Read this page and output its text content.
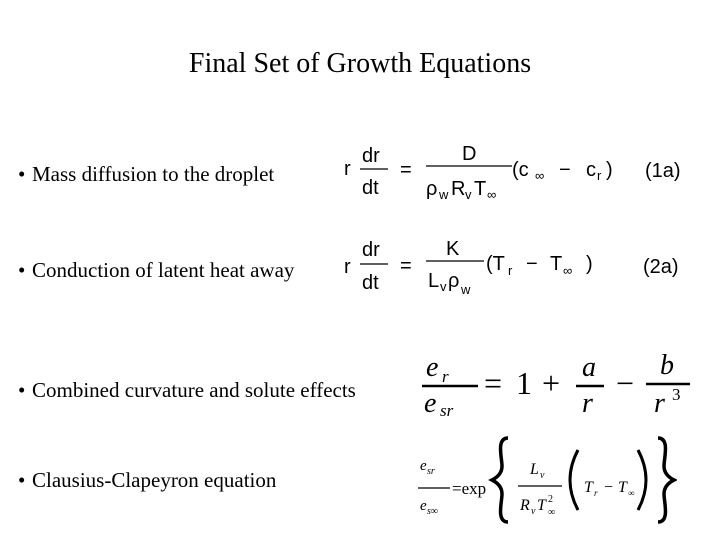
Final Set of Growth Equations
• Mass diffusion to the droplet
• Conduction of latent heat away
• Combined curvature and solute effects
• Clausius-Clapeyron equation
r
dr
dt
=
D
ρ w R v T ∞
(c ∞ − c r ) (1a)
r
dr
dt
=
K
L v ρ w
(T r − T ∞ )	(2a)
e r
e sr
= 1 + a
r
− b
r 3
e sr
e s∞
=exp
L v
R v T 2
∞
T r − T ∞
